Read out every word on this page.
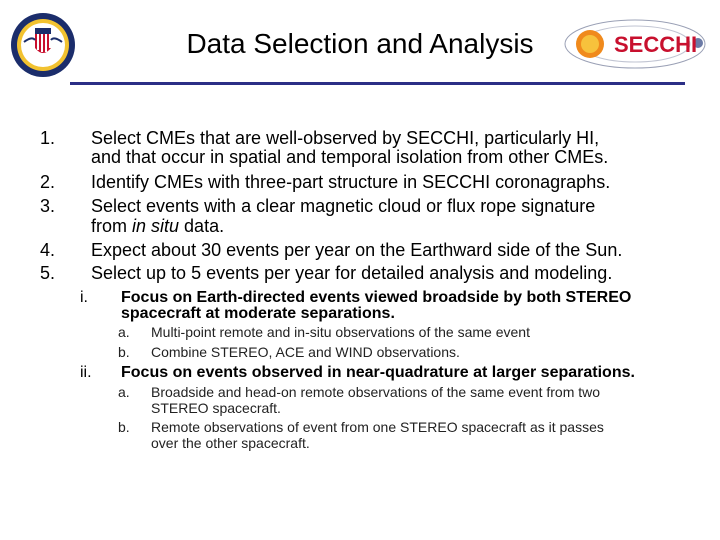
SECCHI
Data Selection and Analysis
1.	Select CMEs that are well-observed by SECCHI, particularly HI,
and that occur in spatial and temporal isolation from other CMEs.
2.	Identify CMEs with three-part structure in SECCHI coronagraphs.
3.	Select events with a clear magnetic cloud or flux rope signature
from in situ data.
4.	Expect about 30 events per year on the Earthward side of the Sun.
5.	Select up to 5 events per year for detailed analysis and modeling.
i. Focus on Earth-directed events viewed broadside by both STEREO
spacecraft at moderate separations.
a. Multi-point remote and in-situ observations of the same event
b. Combine STEREO, ACE and WIND observations.
ii. Focus on events observed in near-quadrature at larger separations.
a. Broadside and head-on remote observations of the same event from two
STEREO spacecraft.
b. Remote observations of event from one STEREO spacecraft as it passes
over the other spacecraft.
